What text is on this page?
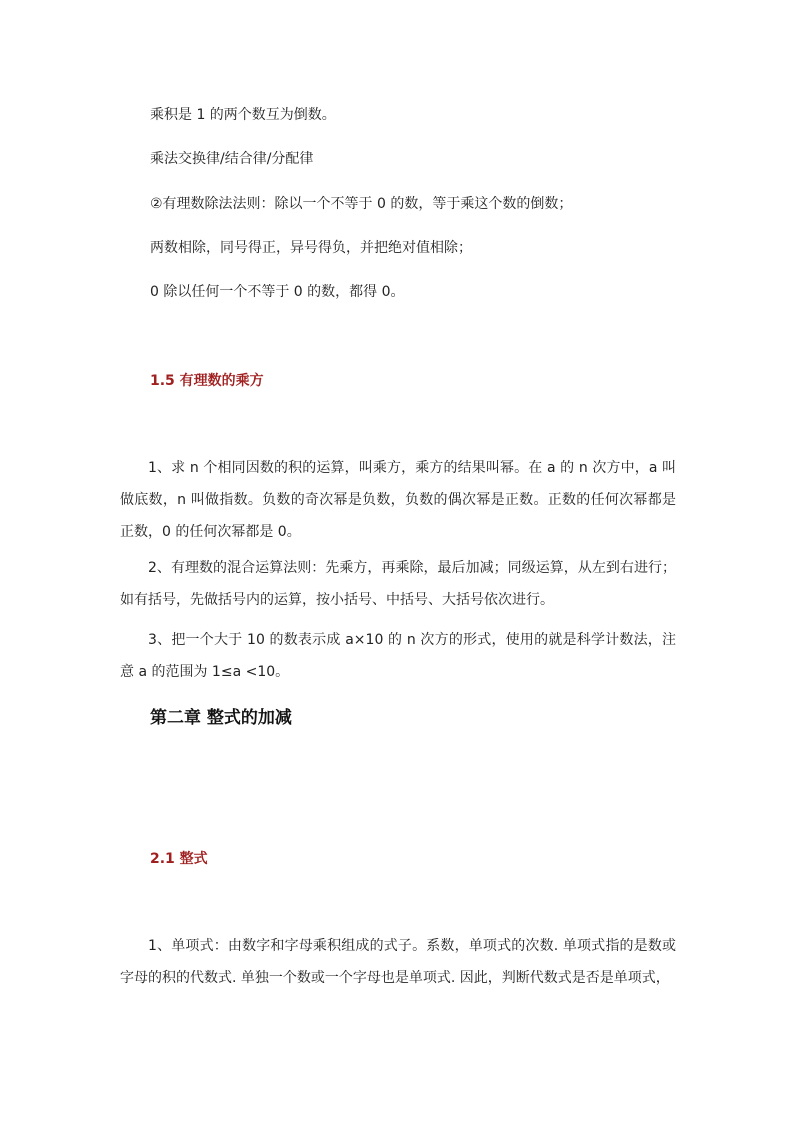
乘积是 1 的两个数互为倒数。
乘法交换律/结合律/分配律
②有理数除法法则：除以一个不等于 0 的数，等于乘这个数的倒数；
两数相除，同号得正，异号得负，并把绝对值相除；
0 除以任何一个不等于 0 的数，都得 0。
1.5 有理数的乘方
1、求 n 个相同因数的积的运算，叫乘方，乘方的结果叫幂。在 a 的 n 次方中，a 叫做底数，n 叫做指数。负数的奇次幂是负数，负数的偶次幂是正数。正数的任何次幂都是正数，0 的任何次幂都是 0。
2、有理数的混合运算法则：先乘方，再乘除，最后加减；同级运算，从左到右进行；如有括号，先做括号内的运算，按小括号、中括号、大括号依次进行。
3、把一个大于 10 的数表示成 a×10 的 n 次方的形式，使用的就是科学计数法，注意 a 的范围为 1≤a <10。
第二章 整式的加减
2.1 整式
1、单项式：由数字和字母乘积组成的式子。系数，单项式的次数. 单项式指的是数或字母的积的代数式. 单独一个数或一个字母也是单项式. 因此，判断代数式是否是单项式，
